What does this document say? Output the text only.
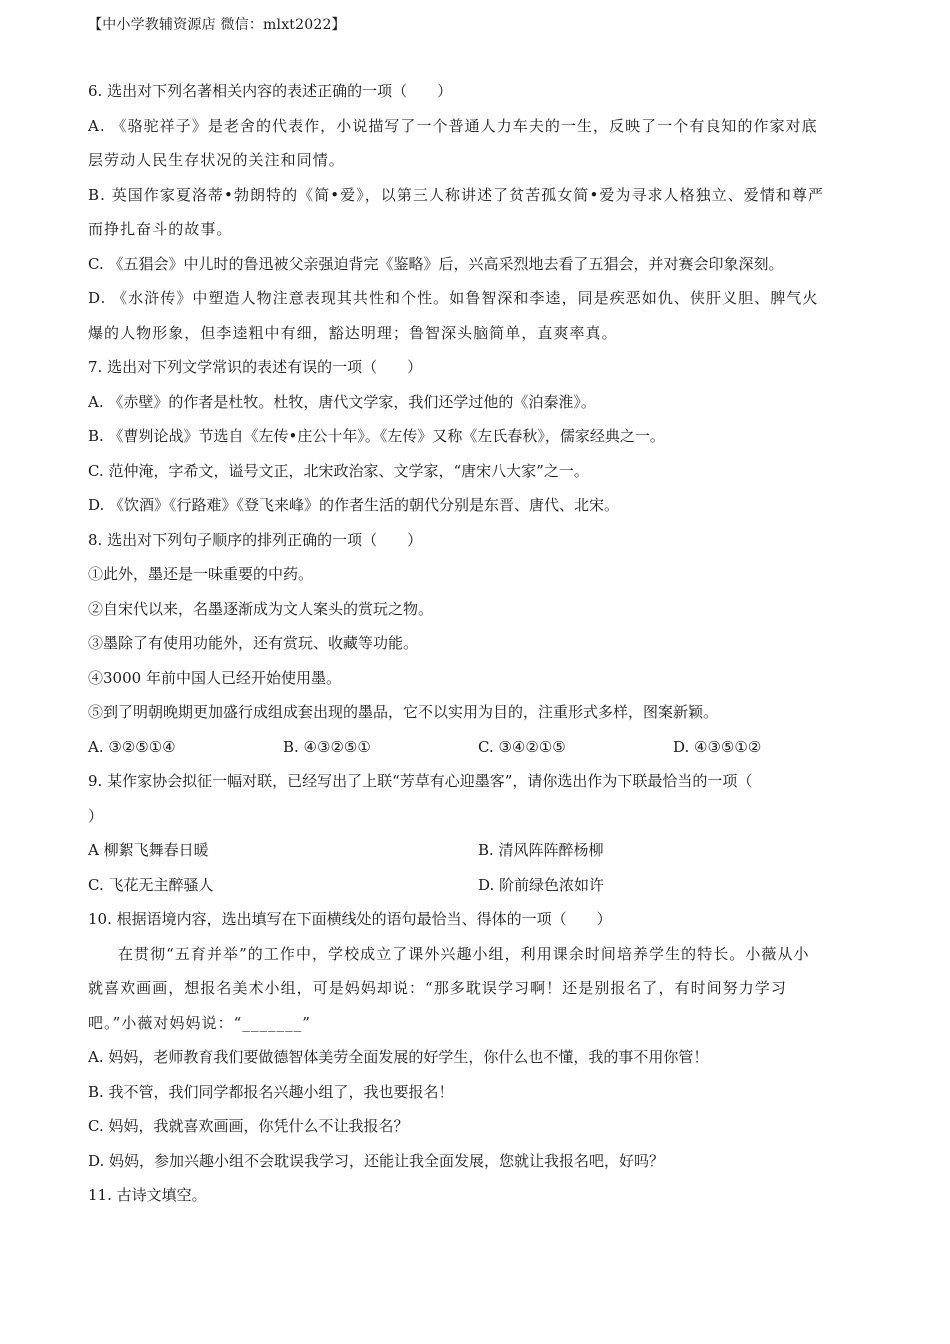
【中小学教辅资源店 微信：mlxt2022】
6. 选出对下列名著相关内容的表述正确的一项（　　）
A. 《骆驼祥子》是老舍的代表作，小说描写了一个普通人力车夫的一生，反映了一个有良知的作家对底
层劳动人民生存状况的关注和同情。
B. 英国作家夏洛蒂•勃朗特的《简•爱》，以第三人称讲述了贫苦孤女简•爱为寻求人格独立、爱情和尊严
而挣扎奋斗的故事。
C. 《五猖会》中儿时的鲁迅被父亲强迫背完《鉴略》后，兴高采烈地去看了五猖会，并对赛会印象深刻。
D. 《水浒传》中塑造人物注意表现其共性和个性。如鲁智深和李逵，同是疾恶如仇、侠肝义胆、脾气火
爆的人物形象，但李逵粗中有细，豁达明理；鲁智深头脑简单，直爽率真。
7. 选出对下列文学常识的表述有误的一项（　　）
A. 《赤壁》的作者是杜牧。杜牧，唐代文学家，我们还学过他的《泊秦淮》。
B. 《曹刿论战》节选自《左传•庄公十年》。《左传》又称《左氏春秋》，儒家经典之一。
C. 范仲淹，字希文，谥号文正，北宋政治家、文学家，“唐宋八大家”之一。
D. 《饮酒》《行路难》《登飞来峰》的作者生活的朝代分别是东晋、唐代、北宋。
8. 选出对下列句子顺序的排列正确的一项（　　）
①此外，墨还是一味重要的中药。
②自宋代以来，名墨逐渐成为文人案头的赏玩之物。
③墨除了有使用功能外，还有赏玩、收藏等功能。
④3000 年前中国人已经开始使用墨。
⑤到了明朝晚期更加盛行成组成套出现的墨品，它不以实用为目的，注重形式多样，图案新颖。
A. ③②⑤①④	B. ④③②⑤①	C. ③④②①⑤	D. ④③⑤①②
9. 某作家协会拟征一幅对联，已经写出了上联“芳草有心迎墨客”，请你选出作为下联最恰当的一项（
）
A 柳絮飞舞春日暖	B. 清风阵阵醉杨柳
C. 飞花无主醉骚人	D. 阶前绿色浓如许
10. 根据语境内容，选出填写在下面横线处的语句最恰当、得体的一项（　　）
在贯彻“五育并举”的工作中，学校成立了课外兴趣小组，利用课余时间培养学生的特长。小薇从小
就喜欢画画，想报名美术小组，可是妈妈却说：“那多耽误学习啊！还是别报名了，有时间努力学习
吧。”小薇对妈妈说：“_______”
A. 妈妈，老师教育我们要做德智体美劳全面发展的好学生，你什么也不懂，我的事不用你管！
B. 我不管，我们同学都报名兴趣小组了，我也要报名！
C. 妈妈，我就喜欢画画，你凭什么不让我报名？
D. 妈妈，参加兴趣小组不会耽误我学习，还能让我全面发展，您就让我报名吧，好吗？
11. 古诗文填空。
